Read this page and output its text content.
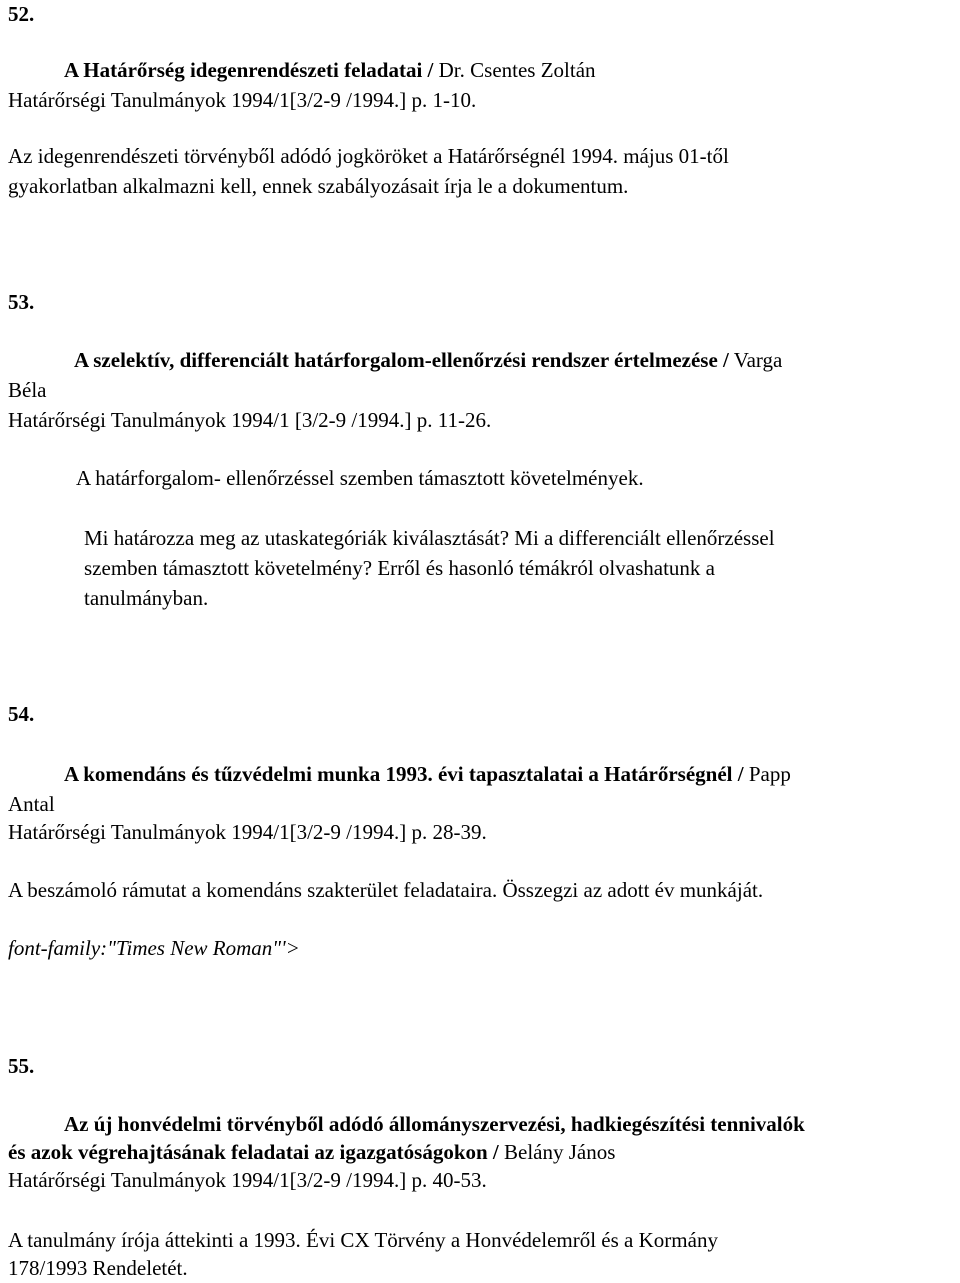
52.
A Határőrség idegenrendészeti feladatai / Dr. Csentes Zoltán
Határőrségi Tanulmányok 1994/1[3/2-9 /1994.] p. 1-10.
Az idegenrendészeti törvényből adódó jogköröket a Határőrségnél 1994. május 01-től
gyakorlatban alkalmazni kell, ennek szabályozásait írja le a dokumentum.
53.
A szelektív, differenciált határforgalom-ellenőrzési rendszer értelmezése / Varga
Béla
Határőrségi Tanulmányok 1994/1 [3/2-9 /1994.] p. 11-26.
A határforgalom- ellenőrzéssel szemben támasztott követelmények.
Mi határozza meg az utaskategóriák kiválasztását? Mi a differenciált ellenőrzéssel
szemben támasztott követelmény? Erről és hasonló témákról olvashatunk a
tanulmányban.
54.
A komendáns és tűzvédelmi munka 1993. évi tapasztalatai a Határőrségnél / Papp
Antal
Határőrségi Tanulmányok 1994/1[3/2-9 /1994.] p. 28-39.
A beszámoló rámutat a komendáns szakterület feladataira. Összegzi az adott év munkáját.
font-family:"Times New Roman"'>
55.
Az új honvédelmi törvényből adódó állományszervezési, hadkiegészítési tennivalók
és azok végrehajtásának feladatai az igazgatóságokon / Belány János
Határőrségi Tanulmányok 1994/1[3/2-9 /1994.] p. 40-53.
A tanulmány írója áttekinti a 1993. Évi CX Törvény a Honvédelemről és a Kormány
178/1993 Rendeletét.
